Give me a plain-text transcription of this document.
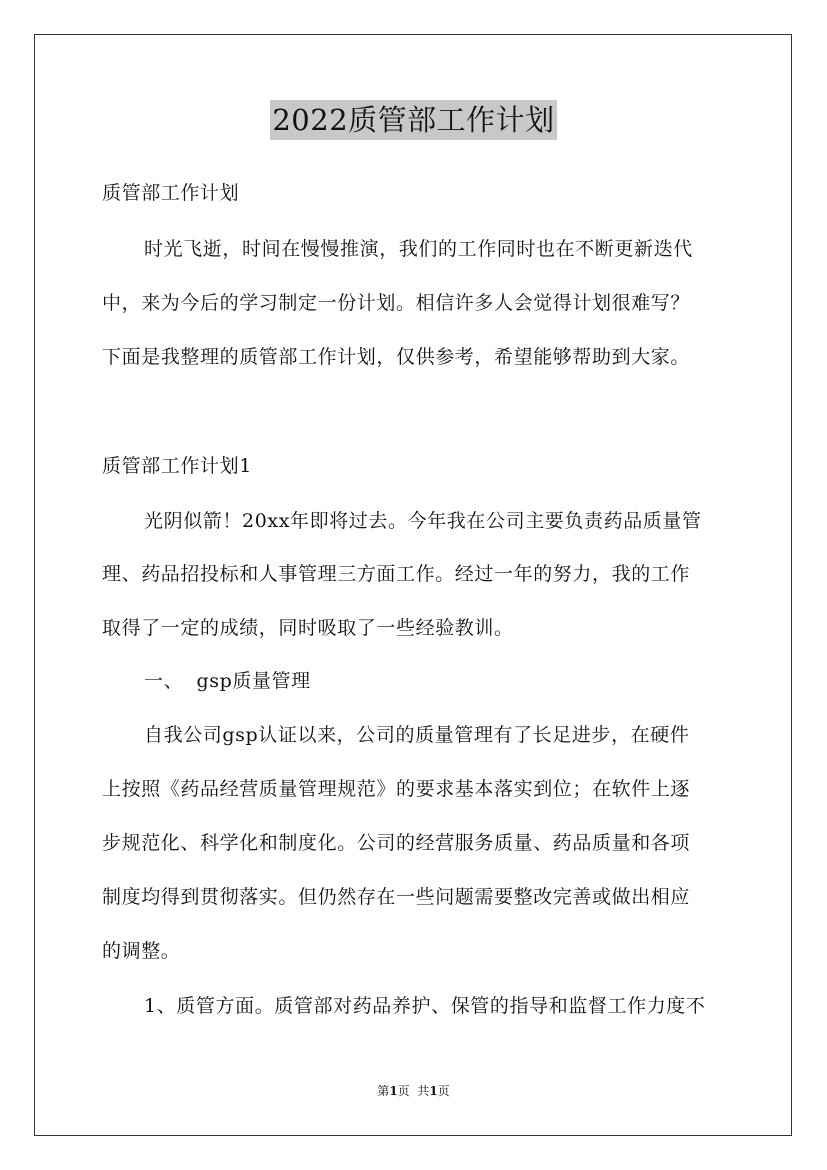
2022质管部工作计划
质管部工作计划
时光飞逝，时间在慢慢推演，我们的工作同时也在不断更新迭代
中，来为今后的学习制定一份计划。相信许多人会觉得计划很难写？
下面是我整理的质管部工作计划，仅供参考，希望能够帮助到大家。
质管部工作计划1
光阴似箭！20xx年即将过去。今年我在公司主要负责药品质量管
理、药品招投标和人事管理三方面工作。经过一年的努力，我的工作
取得了一定的成绩，同时吸取了一些经验教训。
一、  gsp质量管理
自我公司gsp认证以来，公司的质量管理有了长足进步，在硬件
上按照《药品经营质量管理规范》的要求基本落实到位；在软件上逐
步规范化、科学化和制度化。公司的经营服务质量、药品质量和各项
制度均得到贯彻落实。但仍然存在一些问题需要整改完善或做出相应
的调整。
1、质管方面。质管部对药品养护、保管的指导和监督工作力度不
第1页  共1页
